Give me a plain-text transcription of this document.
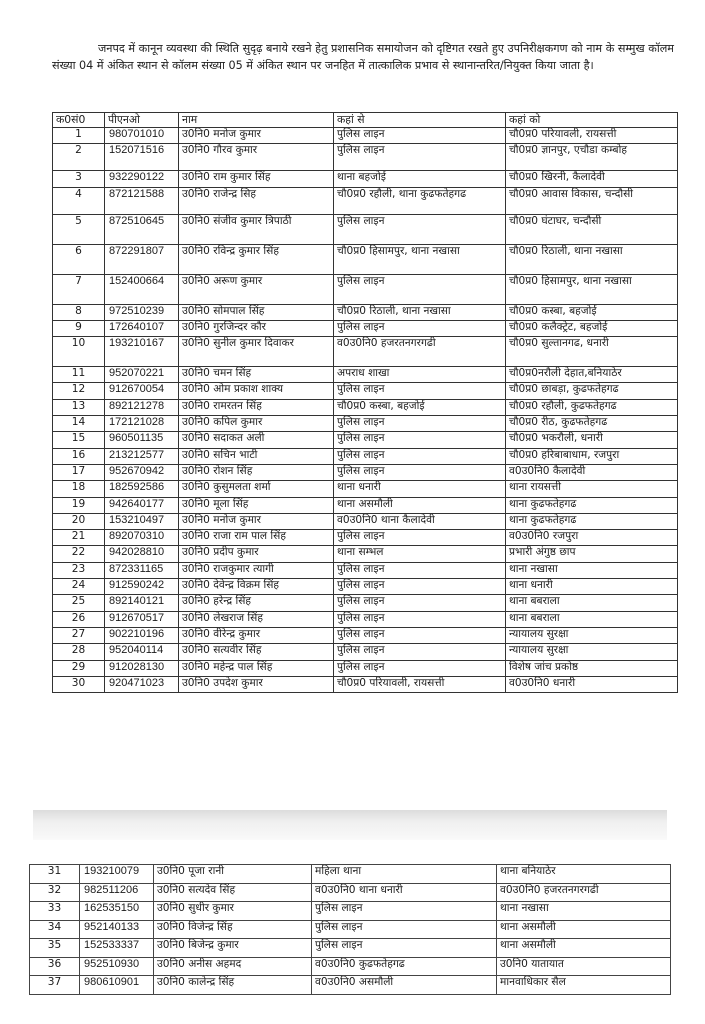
जनपद में कानून व्यवस्था की स्थिति सुदृढ़ बनाये रखने हेतु प्रशासनिक समायोजन को दृष्टिगत रखते हुए उपनिरीक्षकगण को नाम के सम्मुख कॉलम संख्या 04 में अंकित स्थान से कॉलम संख्या 05 में अंकित स्थान पर जनहित में तात्कालिक प्रभाव से स्थानान्तरित/नियुक्त किया जाता है।

क0सं0	पीएनओ	नाम	कहां से	कहां को
1	980701010	उ0नि0 मनोज कुमार	पुलिस लाइन	चौ0प्र0 परियावली, रायसत्ती
2	152071516	उ0नि0 गौरव कुमार	पुलिस लाइन	चौ0प्र0 ज्ञानपुर, एचौडा कम्बोह
3	932290122	उ0नि0 राम कुमार सिंह	थाना बहजोई	चौ0प्र0 खिरनी, कैलादेवी
4	872121588	उ0नि0 राजेन्द्र सिह	चौ0प्र0 रहौली, थाना कुढफतेहगढ	चौ0प्र0 आवास विकास, चन्दौसी
5	872510645	उ0नि0 संजीव कुमार त्रिपाठी	पुलिस लाइन	चौ0प्र0 घंटाघर, चन्दौसी
6	872291807	उ0नि0 रविन्द्र कुमार सिंह	चौ0प्र0 हिसामपुर, थाना नखासा	चौ0प्र0 रिठाली, थाना नखासा
7	152400664	उ0नि0 अरूण कुमार	पुलिस लाइन	चौ0प्र0 हिसामपुर, थाना नखासा
8	972510239	उ0नि0 सोमपाल सिंह	चौ0प्र0 रिठाली, थाना नखासा	चौ0प्र0 कस्बा, बहजोई
9	172640107	उ0नि0 गुरजिन्दर कौर	पुलिस लाइन	चौ0प्र0 कलैक्ट्रेट, बहजोई
10	193210167	उ0नि0 सुनील कुमार दिवाकर	व0उ0नि0 हजरतनगरगढी	चौ0प्र0 सुल्तानगढ, धनारी
11	952070221	उ0नि0 चमन सिंह	अपराध शाखा	चौ0प्र0नरौली देहात,बनियाठेर
12	912670054	उ0नि0 ओम प्रकाश शाक्य	पुलिस लाइन	चौ0प्र0 छाबड़ा, कुढफतेहगढ
13	892121278	उ0नि0 रामरतन सिंह	चौ0प्र0 कस्बा, बहजोई	चौ0प्र0 रहौली, कुढफतेहगढ
14	172121028	उ0नि0 कपिल कुमार	पुलिस लाइन	चौ0प्र0 रीठ, कुढफतेहगढ
15	960501135	उ0नि0 सदाकत अली	पुलिस लाइन	चौ0प्र0 भकरौली, धनारी
16	213212577	उ0नि0 सचिन भाटी	पुलिस लाइन	चौ0प्र0 हरिबाबाधाम, रजपुरा
17	952670942	उ0नि0 रोशन सिंह	पुलिस लाइन	व0उ0नि0 कैलादेवी
18	182592586	उ0नि0 कुसुमलता शर्मा	थाना धनारी	थाना रायसत्ती
19	942640177	उ0नि0 मूला सिंह	थाना असमौली	थाना कुढफतेहगढ
20	153210497	उ0नि0 मनोज कुमार	व0उ0नि0 थाना कैलादेवी	थाना कुढफतेहगढ
21	892070310	उ0नि0 राजा राम पाल सिंह	पुलिस लाइन	व0उ0नि0 रजपुरा
22	942028810	उ0नि0 प्रदीप कुमार	थाना सम्भल	प्रभारी अंगुष्ठ छाप
23	872331165	उ0नि0 राजकुमार त्यागी	पुलिस लाइन	थाना नखासा
24	912590242	उ0नि0 देवेन्द्र विक्रम सिंह	पुलिस लाइन	थाना धनारी
25	892140121	उ0नि0 हरेन्द्र सिंह	पुलिस लाइन	थाना बबराला
26	912670517	उ0नि0 लेखराज सिंह	पुलिस लाइन	थाना बबराला
27	902210196	उ0नि0 वीरेन्द्र कुमार	पुलिस लाइन	न्यायालय सुरक्षा
28	952040114	उ0नि0 सत्यवीर सिंह	पुलिस लाइन	न्यायालय सुरक्षा
29	912028130	उ0नि0 महेन्द्र पाल सिंह	पुलिस लाइन	विशेष जांच प्रकोष्ठ
30	920471023	उ0नि0 उपदेश कुमार	चौ0प्र0 परियावली, रायसत्ती	व0उ0नि0 धनारी
31	193210079	उ0नि0 पूजा रानी	महिला थाना	थाना बनियाठेर
32	982511206	उ0नि0 सत्यदेव सिंह	व0उ0नि0 थाना धनारी	व0उ0नि0 हजरतनगरगढी
33	162535150	उ0नि0 सुधीर कुमार	पुलिस लाइन	थाना नखासा
34	952140133	उ0नि0 विजेन्द्र सिंह	पुलिस लाइन	थाना असमौली
35	152533337	उ0नि0 बिजेन्द्र कुमार	पुलिस लाइन	थाना असमौली
36	952510930	उ0नि0 अनीस अहमद	व0उ0नि0 कुढफतेहगढ	उ0नि0 यातायात
37	980610901	उ0नि0 कालेन्द्र सिंह	व0उ0नि0 असमौली	मानवाधिकार सैल
